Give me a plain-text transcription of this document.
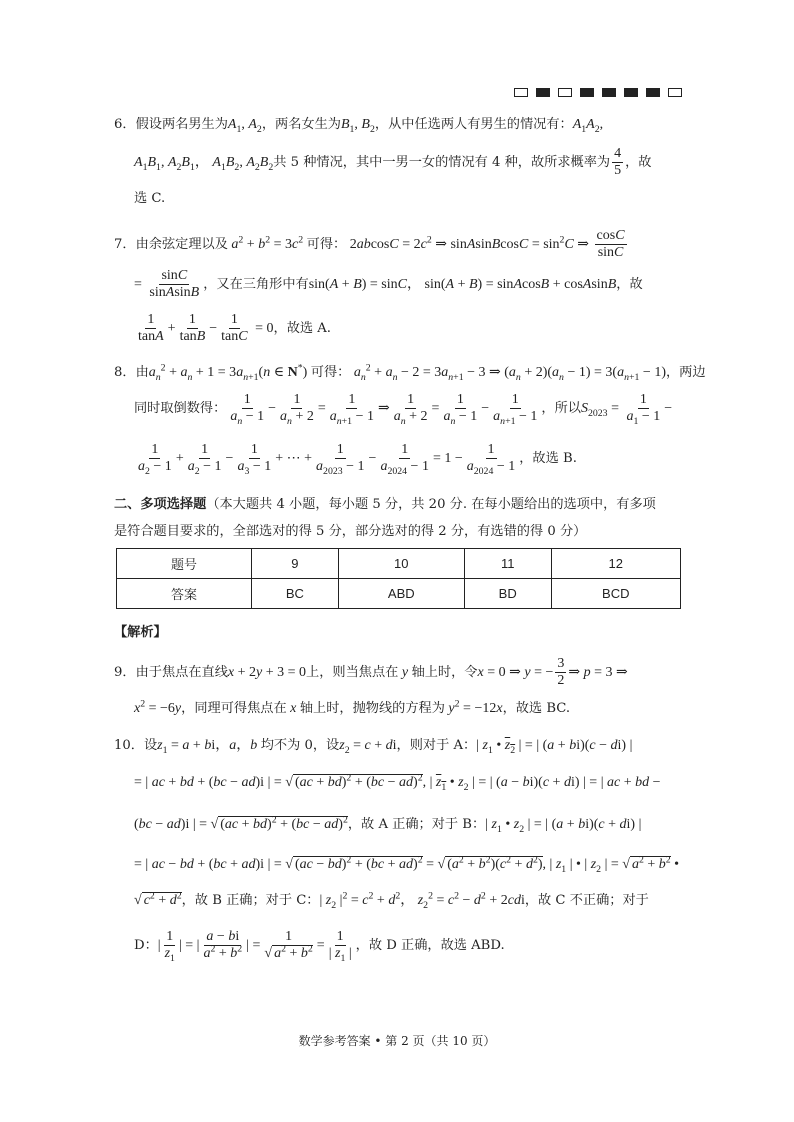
6．假设两名男生为$A_1$, $A_2$，两名女生为$B_1$, $B_2$，从中任选两人有男生的情况有：$A_1A_2$,
$A_1B_1$, $A_2B_1$， $A_1B_2$, $A_2B_2$共 5 种情况，其中一男一女的情况有 4 种，故所求概率为 $\frac{4}{5}$ ，故
选 C.
7．由余弦定理以及 $a^2 + b^2 = 3c^2$ 可得： $2abcosC = 2c^2$ ⇒ sinAsinBcosC = $\sin^2C$ ⇒ $\frac{\cos C}{\sin C}$
= $\frac{\sin C}{\text{sinAsinB}}$ ，又在三角形中有sin(A + B) = sinC， sin(A + B) = sinAcosB + cosAsinB，故
$\frac{1}{\tan A} + \frac{1}{\tan B} - \frac{1}{\tan C} = 0$，故选 A.
8．由$a_n^2 + a_n + 1 = 3a_{n+1}(n$ ∈ N*) 可得： $a_n^2 + a_n - 2 = 3a_{n+1} - 3$ ⇒ $(a_n + 2)(a_n - 1) = 3(a_{n+1} - 1)$，两边
同时取倒数得： $\frac{1}{a_n - 1} - \frac{1}{a_n + 2} = \frac{1}{a_{n+1} - 1}$ ⇒ $\frac{1}{a_n + 2} = \frac{1}{a_n - 1} - \frac{1}{a_{n+1} - 1}$ ，所以$S_{2023} = \frac{1}{a_1 - 1}$ −
$\frac{1}{a_2 - 1} + \frac{1}{a_2 - 1} - \frac{1}{a_3 - 1}$ + ⋯ + $\frac{1}{a_{2023} - 1} - \frac{1}{a_{2024} - 1} = 1 - \frac{1}{a_{2024} - 1}$ ，故选 B.
二、多项选择题（本大题共 4 小题，每小题 5 分，共 20 分. 在每小题给出的选项中，有多项
是符合题目要求的，全部选对的得 5 分，部分选对的得 2 分，有选错的得 0 分）
题号	9	10	11	12
答案	BC	ABD	BD	BCD
【解析】
9．由于焦点在直线x + 2y + 3 = 0上，则当焦点在 y 轴上时，令x = 0 ⇒ y = − $\frac{3}{2}$ ⇒ p = 3 ⇒
$x^2 = -6y$，同理可得焦点在 x 轴上时，抛物线的方程为 $y^2 = -12x$，故选 BC.
10．设$z_1 = a$ + bi，a，b 均不为 0，设$z_2 = c$ + di，则对于 A：| $z_1$ • $z_2$ | = | (a + bi)(c − di) |
= | ac + bd + (bc − ad)i | = √ (ac + bd)$^2$ + (bc − ad)$^2$, | $z_1$ • $z_2$ | = | (a − bi)(c + di) | = | ac + bd −
(bc − ad)i | = √ (ac + bd)$^2$ + (bc − ad)$^2$，故 A 正确；对于 B：| $z_1$ • $z_2$ | = | (a + bi)(c + di) |
= | ac − bd + (bc + ad)i | = √ (ac − bd)$^2$ + (bc + ad)$^2$ = √ $(a^2 + b^2)(c^2 + d^2)$, | $z_1$ | • | $z_2$ | = √ $a^2 + b^2$ •
√ $c^2 + d^2$，故 B 正确；对于 C：| $z_2$ $|^2 = c^2 + d^2$， $z_2^2 = c^2 - d^2 + 2cdi$，故 C 不正确；对于
D：| $\frac{1}{z_1}$ | = | $\frac{a - bi}{a^2 + b^2}$ | = $\frac{1}{√ a^2 + b^2} = \frac{1}{| z_1 |}$ ，故 D 正确，故选 ABD.
数学参考答案 • 第 2 页（共 10 页）
